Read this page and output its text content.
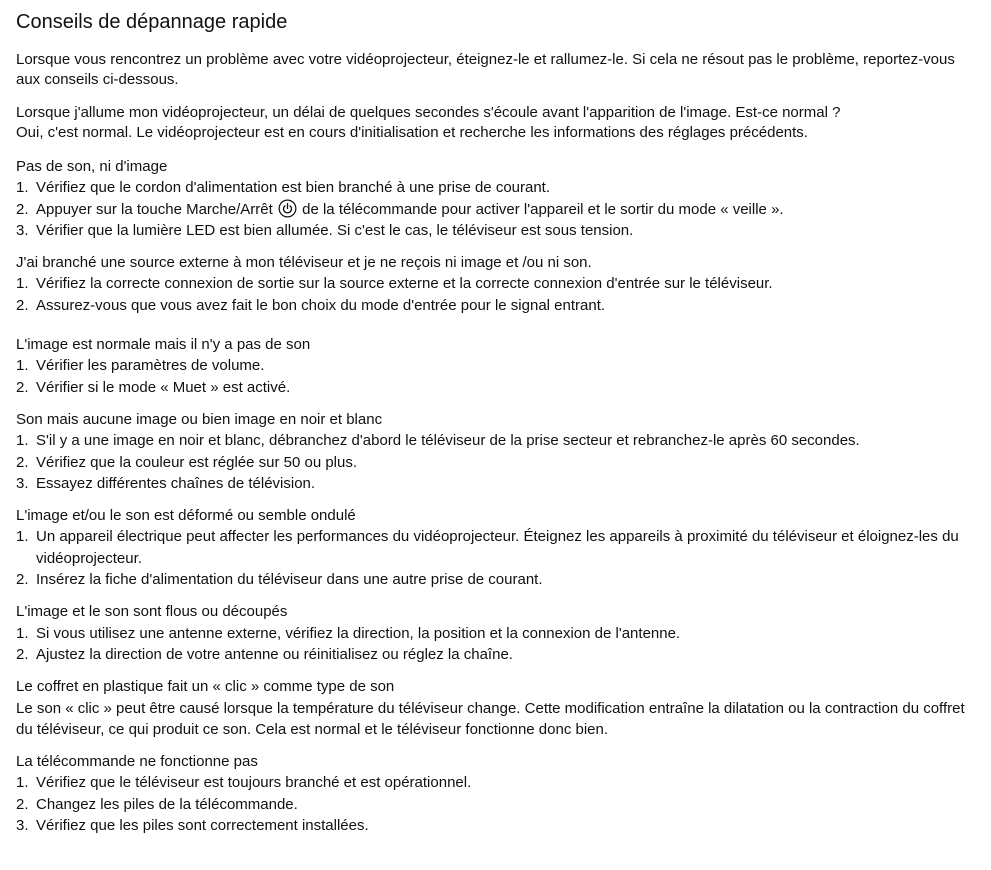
Conseils de dépannage rapide

Lorsque vous rencontrez un problème avec votre vidéoprojecteur, éteignez-le et rallumez-le. Si cela ne résout pas le problème, reportez-vous aux conseils ci-dessous.

Lorsque j'allume mon vidéoprojecteur, un délai de quelques secondes s'écoule avant l'apparition de l'image. Est-ce normal ?
Oui, c'est normal. Le vidéoprojecteur est en cours d'initialisation et recherche les informations des réglages précédents.
Pas de son, ni d'image
1. Vérifiez que le cordon d'alimentation est bien branché à une prise de courant.
2. Appuyer sur la touche Marche/Arrêt de la télécommande pour activer l'appareil et le sortir du mode « veille ».
3. Vérifier que la lumière LED est bien allumée. Si c'est le cas, le téléviseur est sous tension.
J'ai branché une source externe à mon téléviseur et je ne reçois ni image et /ou ni son.
1. Vérifiez la correcte connexion de sortie sur la source externe et la correcte connexion d'entrée sur le téléviseur.
2. Assurez-vous que vous avez fait le bon choix du mode d'entrée pour le signal entrant.
L'image est normale mais il n'y a pas de son
1. Vérifier les paramètres de volume.
2. Vérifier si le mode « Muet » est activé.
Son mais aucune image ou bien image en noir et blanc
1. S'il y a une image en noir et blanc, débranchez d'abord le téléviseur de la prise secteur et rebranchez-le après 60 secondes.
2. Vérifiez que la couleur est réglée sur 50 ou plus.
3. Essayez différentes chaînes de télévision.
L'image et/ou le son est déformé ou semble ondulé
1. Un appareil électrique peut affecter les performances du vidéoprojecteur. Éteignez les appareils à proximité du téléviseur et éloignez-les du vidéoprojecteur.
2. Insérez la fiche d'alimentation du téléviseur dans une autre prise de courant.
L'image et le son sont flous ou découpés
1. Si vous utilisez une antenne externe, vérifiez la direction, la position et la connexion de l'antenne.
2. Ajustez la direction de votre antenne ou réinitialisez ou réglez la chaîne.
Le coffret en plastique fait un « clic » comme type de son
Le son « clic » peut être causé lorsque la température du téléviseur change. Cette modification entraîne la dilatation ou la contraction du coffret du téléviseur, ce qui produit ce son. Cela est normal et le téléviseur fonctionne donc bien.
La télécommande ne fonctionne pas
1. Vérifiez que le téléviseur est toujours branché et est opérationnel.
2. Changez les piles de la télécommande.
3. Vérifiez que les piles sont correctement installées.
